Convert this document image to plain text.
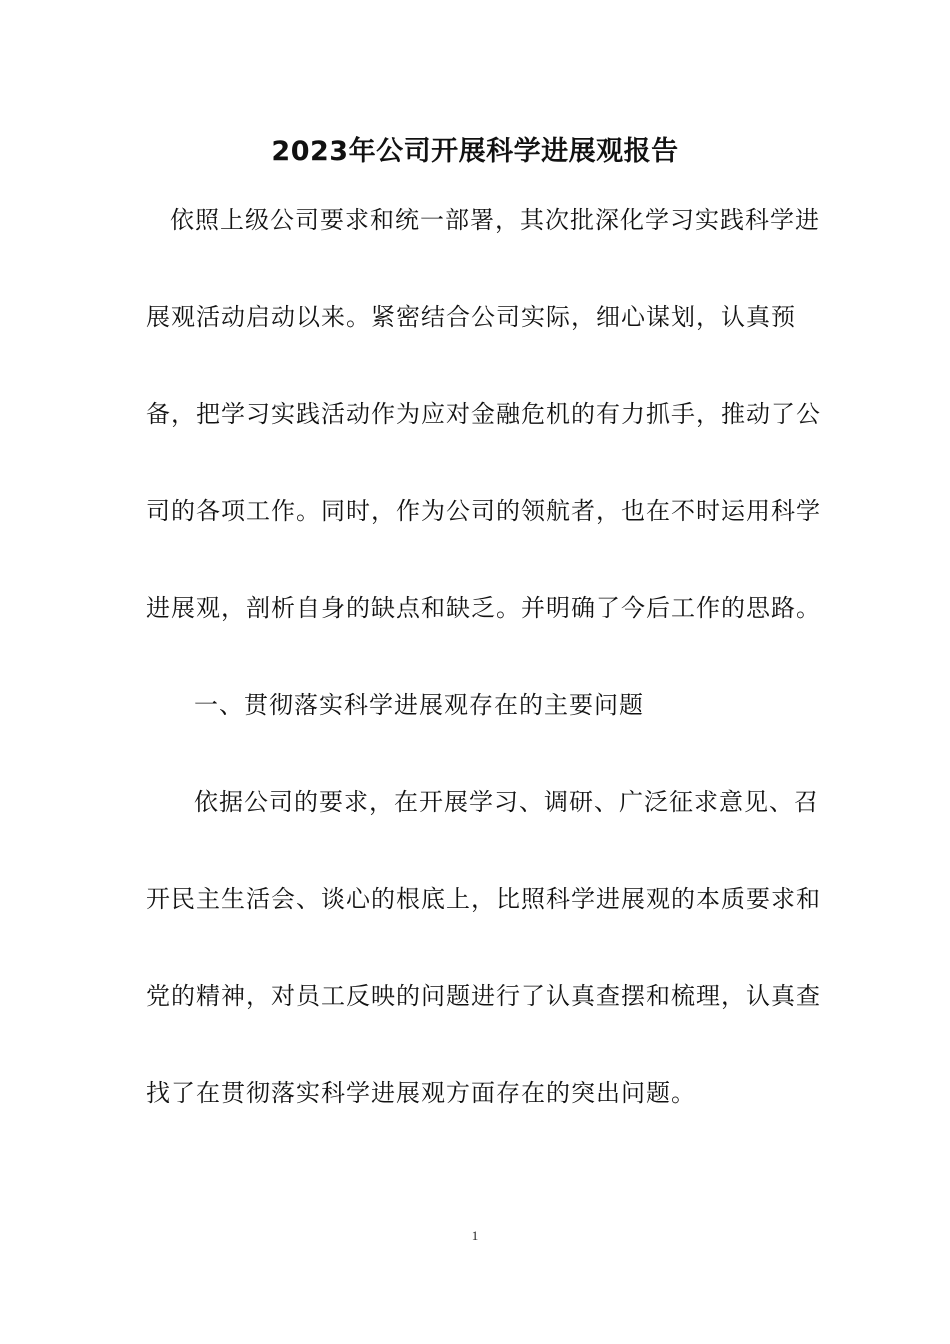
2023年公司开展科学进展观报告
依照上级公司要求和统一部署，其次批深化学习实践科学进
展观活动启动以来。紧密结合公司实际，细心谋划，认真预
备，把学习实践活动作为应对金融危机的有力抓手，推动了公
司的各项工作。同时，作为公司的领航者，也在不时运用科学
进展观，剖析自身的缺点和缺乏。并明确了今后工作的思路。
一、贯彻落实科学进展观存在的主要问题
依据公司的要求，在开展学习、调研、广泛征求意见、召
开民主生活会、谈心的根底上，比照科学进展观的本质要求和
党的精神，对员工反映的问题进行了认真查摆和梳理，认真查
找了在贯彻落实科学进展观方面存在的突出问题。
1
